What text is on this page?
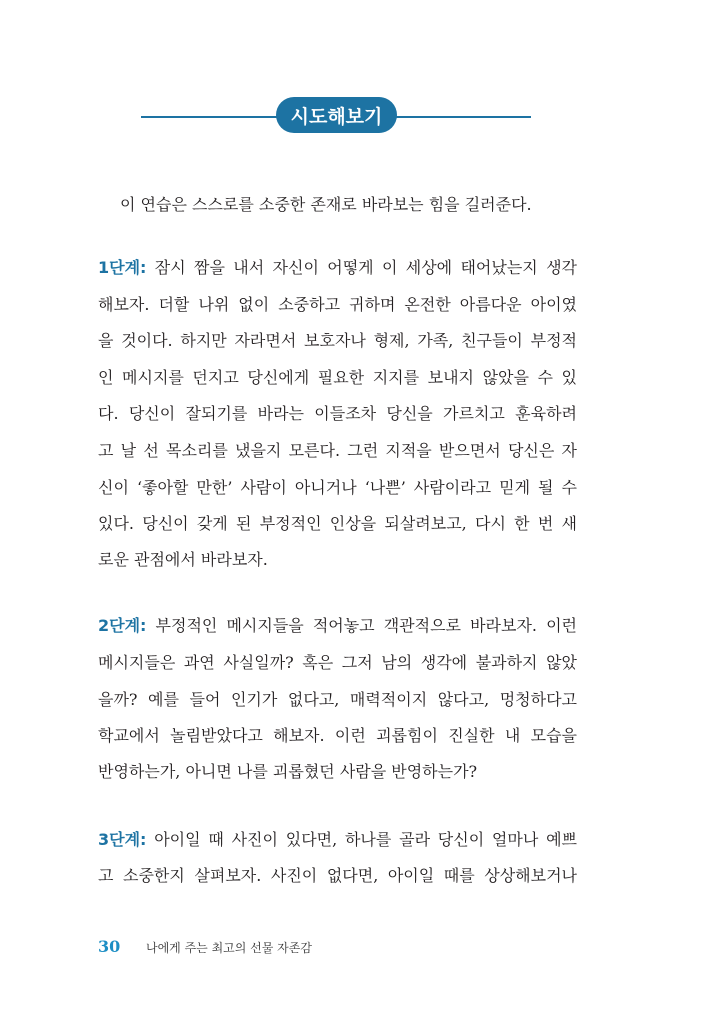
시도해보기
이 연습은 스스로를 소중한 존재로 바라보는 힘을 길러준다.
1단계: 잠시 짬을 내서 자신이 어떻게 이 세상에 태어났는지 생각
해보자. 더할 나위 없이 소중하고 귀하며 온전한 아름다운 아이였
을 것이다. 하지만 자라면서 보호자나 형제, 가족, 친구들이 부정적
인 메시지를 던지고 당신에게 필요한 지지를 보내지 않았을 수 있
다. 당신이 잘되기를 바라는 이들조차 당신을 가르치고 훈육하려
고 날 선 목소리를 냈을지 모른다. 그런 지적을 받으면서 당신은 자
신이 ‘좋아할 만한’ 사람이 아니거나 ‘나쁜’ 사람이라고 믿게 될 수
있다. 당신이 갖게 된 부정적인 인상을 되살려보고, 다시 한 번 새
로운 관점에서 바라보자.
2단계: 부정적인 메시지들을 적어놓고 객관적으로 바라보자. 이런
메시지들은 과연 사실일까? 혹은 그저 남의 생각에 불과하지 않았
을까? 예를 들어 인기가 없다고, 매력적이지 않다고, 멍청하다고
학교에서 놀림받았다고 해보자. 이런 괴롭힘이 진실한 내 모습을
반영하는가, 아니면 나를 괴롭혔던 사람을 반영하는가?
3단계: 아이일 때 사진이 있다면, 하나를 골라 당신이 얼마나 예쁘
고 소중한지 살펴보자. 사진이 없다면, 아이일 때를 상상해보거나
30 나에게 주는 최고의 선물 자존감
